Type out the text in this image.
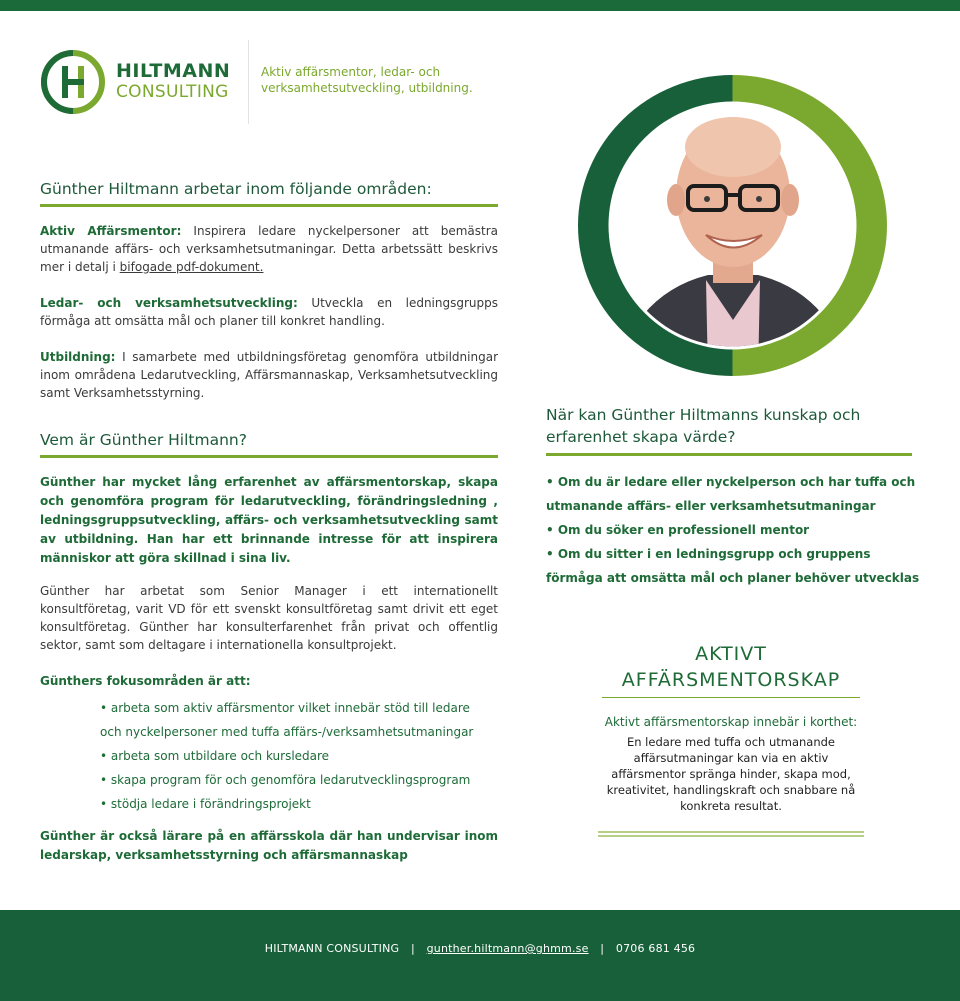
HILTMANN
CONSULTING
Aktiv affärsmentor, ledar- och verksamhetsutveckling, utbildning.
Günther Hiltmann arbetar inom följande områden:
Aktiv Affärsmentor: Inspirera ledare nyckelpersoner att bemästra utmanande affärs- och verksamhetsutmaningar. Detta arbetssätt beskrivs mer i detalj i bifogade pdf-dokument.
Ledar- och verksamhetsutveckling: Utveckla en ledningsgrupps förmåga att omsätta mål och planer till konkret handling.
Utbildning: I samarbete med utbildningsföretag genomföra utbildningar inom områdena Ledarutveckling, Affärsmannaskap, Verksamhetsutveckling samt Verksamhetsstyrning.
Vem är Günther Hiltmann?
Günther har mycket lång erfarenhet av affärsmentorskap, skapa och genomföra program för ledarutveckling, förändringsledning , ledningsgruppsutveckling, affärs- och verksamhetsutveckling samt av utbildning. Han har ett brinnande intresse för att inspirera människor att göra skillnad i sina liv.
Günther har arbetat som Senior Manager i ett internationellt konsultföretag, varit VD för ett svenskt konsultföretag samt drivit ett eget konsultföretag. Günther har konsulterfarenhet från privat och offentlig sektor, samt som deltagare i internationella konsultprojekt.
Günthers fokusområden är att:
• arbeta som aktiv affärsmentor vilket innebär stöd till ledare
och nyckelpersoner med tuffa affärs-/verksamhetsutmaningar
• arbeta som utbildare och kursledare
• skapa program för och genomföra ledarutvecklingsprogram
• stödja ledare i förändringsprojekt
Günther är också lärare på en affärsskola där han undervisar inom ledarskap, verksamhetsstyrning och affärsmannaskap
När kan Günther Hiltmanns kunskap och erfarenhet skapa värde?
• Om du är ledare eller nyckelperson och har tuffa och
utmanande affärs- eller verksamhetsutmaningar
• Om du söker en professionell mentor
• Om du sitter i en ledningsgrupp och gruppens
förmåga att omsätta mål och planer behöver utvecklas
AKTIVT
AFFÄRSMENTORSKAP
Aktivt affärsmentorskap innebär i korthet:
En ledare med tuffa och utmanande affärsutmaningar kan via en aktiv affärsmentor spränga hinder, skapa mod, kreativitet, handlingskraft och snabbare nå konkreta resultat.
HILTMANN CONSULTING | gunther.hiltmann@ghmm.se | 0706 681 456
